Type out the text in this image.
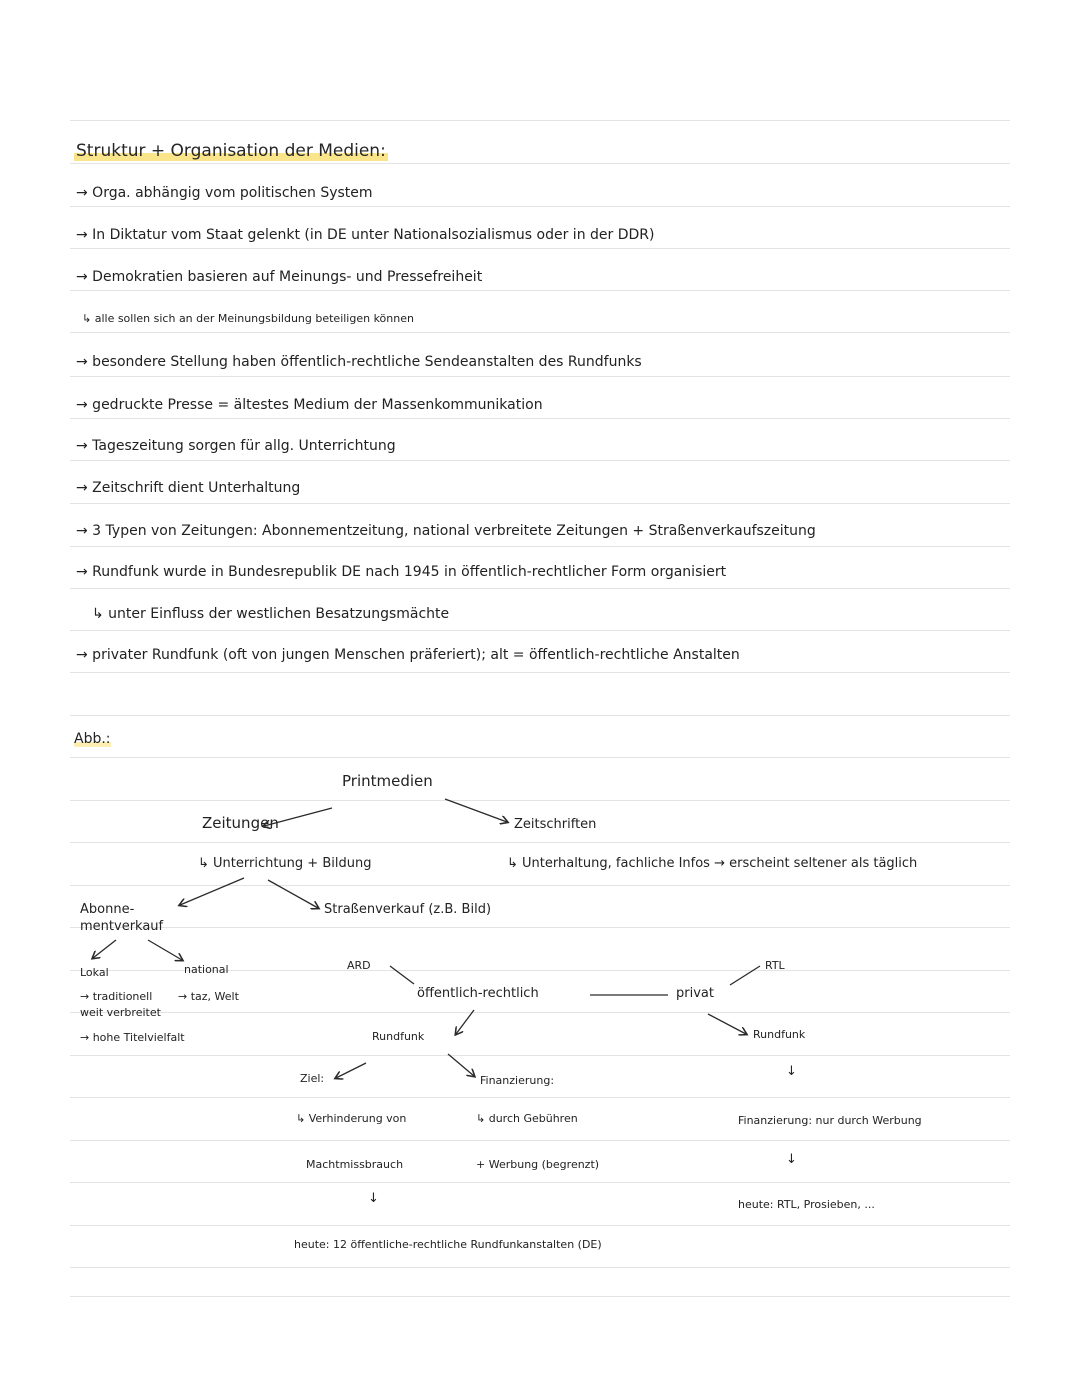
Struktur + Organisation der Medien:
→ Orga. abhängig vom politischen System
→ In Diktatur vom Staat gelenkt (in DE unter Nationalsozialismus oder in der DDR)
→ Demokratien basieren auf Meinungs- und Pressefreiheit
↳ alle sollen sich an der Meinungsbildung beteiligen können
→ besondere Stellung haben öffentlich-rechtliche Sendeanstalten des Rundfunks
→ gedruckte Presse = ältestes Medium der Massenkommunikation
→ Tageszeitung sorgen für allg. Unterrichtung
→ Zeitschrift dient Unterhaltung
→ 3 Typen von Zeitungen: Abonnementzeitung, national verbreitete Zeitungen + Straßenverkaufszeitung
→ Rundfunk wurde in Bundesrepublik DE nach 1945 in öffentlich-rechtlicher Form organisiert
↳ unter Einfluss der westlichen Besatzungsmächte
→ privater Rundfunk (oft von jungen Menschen präferiert); alt = öffentlich-rechtliche Anstalten
Abb.:
Printmedien
Zeitungen	Zeitschriften
↳ Unterrichtung + Bildung	↳ Unterhaltung, fachliche Infos → erscheint seltener als täglich
Abonne-
mentverkauf
Straßenverkauf (z.B. Bild)
Lokal	national
→ traditionell
weit verbreitet
→ hohe Titelvielfalt
→ taz, Welt
ARD
öffentlich-rechtlich	privat
RTL
Rundfunk	Rundfunk
Ziel:	Finanzierung:
↳ Verhinderung von
Machtmissbrauch
↳ durch Gebühren
+ Werbung (begrenzt)
Finanzierung: nur durch Werbung
heute: RTL, Prosieben, ...
heute: 12 öffentliche-rechtliche Rundfunkanstalten (DE)
↓
↓
↓
